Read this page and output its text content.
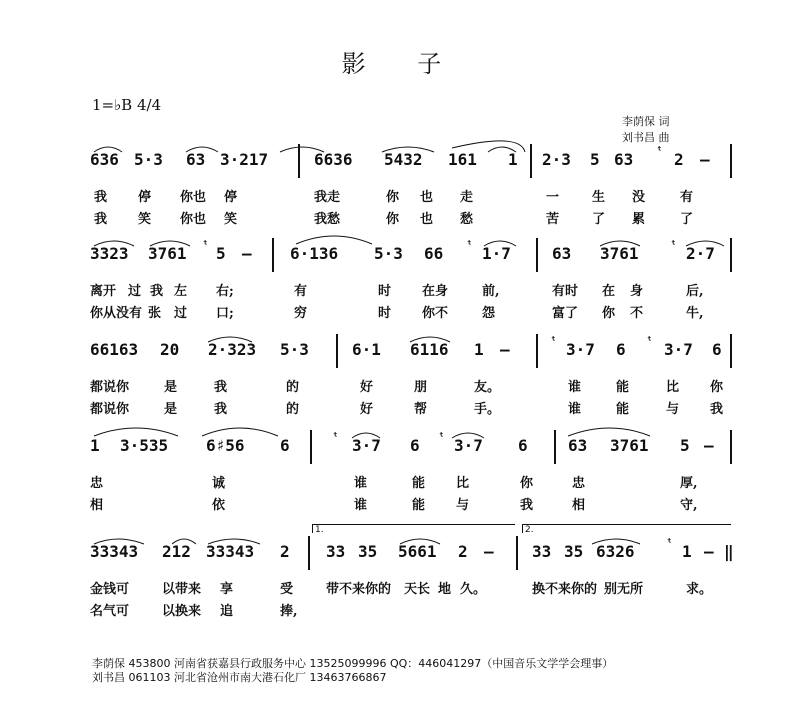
影 子
1=♭B 4/4
李荫保 词
刘书昌 曲
636 5·3 63 3·217	6636 5432 161 1 2·3 5 63 ᵗ 2 –
我 停 你也 停	我走	你 也 走	一	生 没	有
我 笑 你也 笑	我愁	你 也 愁	苦	了 累	了
3323 3761 ᵗ 5 – 6·136 5·3 66 ᵗ 1·7	63 3761	ᵗ 2·7
离开 过 我 左 右;	有	时 在身	前,	有时 在 身	后,
你从没有 张 过 口;	穷	时 你不	怨	富了 你 不	牛,
66163 20 2·323 5·3	6·1 6116 1 –	ᵗ 3·7 6 ᵗ 3·7 6
都说你	是	我	的	好	朋	友。	谁	能	比 你
都说你	是	我	的	好	帮	手。	谁	能	与 我
1 3·535 6♯56 6	ᵗ 3·7 6 ᵗ 3·7 6	63 3761 5 –
忠	诚	谁	能 比	你	忠	厚,
相	依	谁	能 与	我	相	守,
1.	2.
33343 212 33343 2 33 35 5661 2 – 33 35 6326	ᵗ 1 – ‖
金钱可	以带来 享	受	带不来你的 天长 地 久。	换不来你的 别无所	求。
名气可	以换来 追	捧,
李荫保 453800 河南省获嘉县行政服务中心 13525099996 QQ：446041297（中国音乐文学学会理事）
刘书昌 061103 河北省沧州市南大港石化厂 13463766867
